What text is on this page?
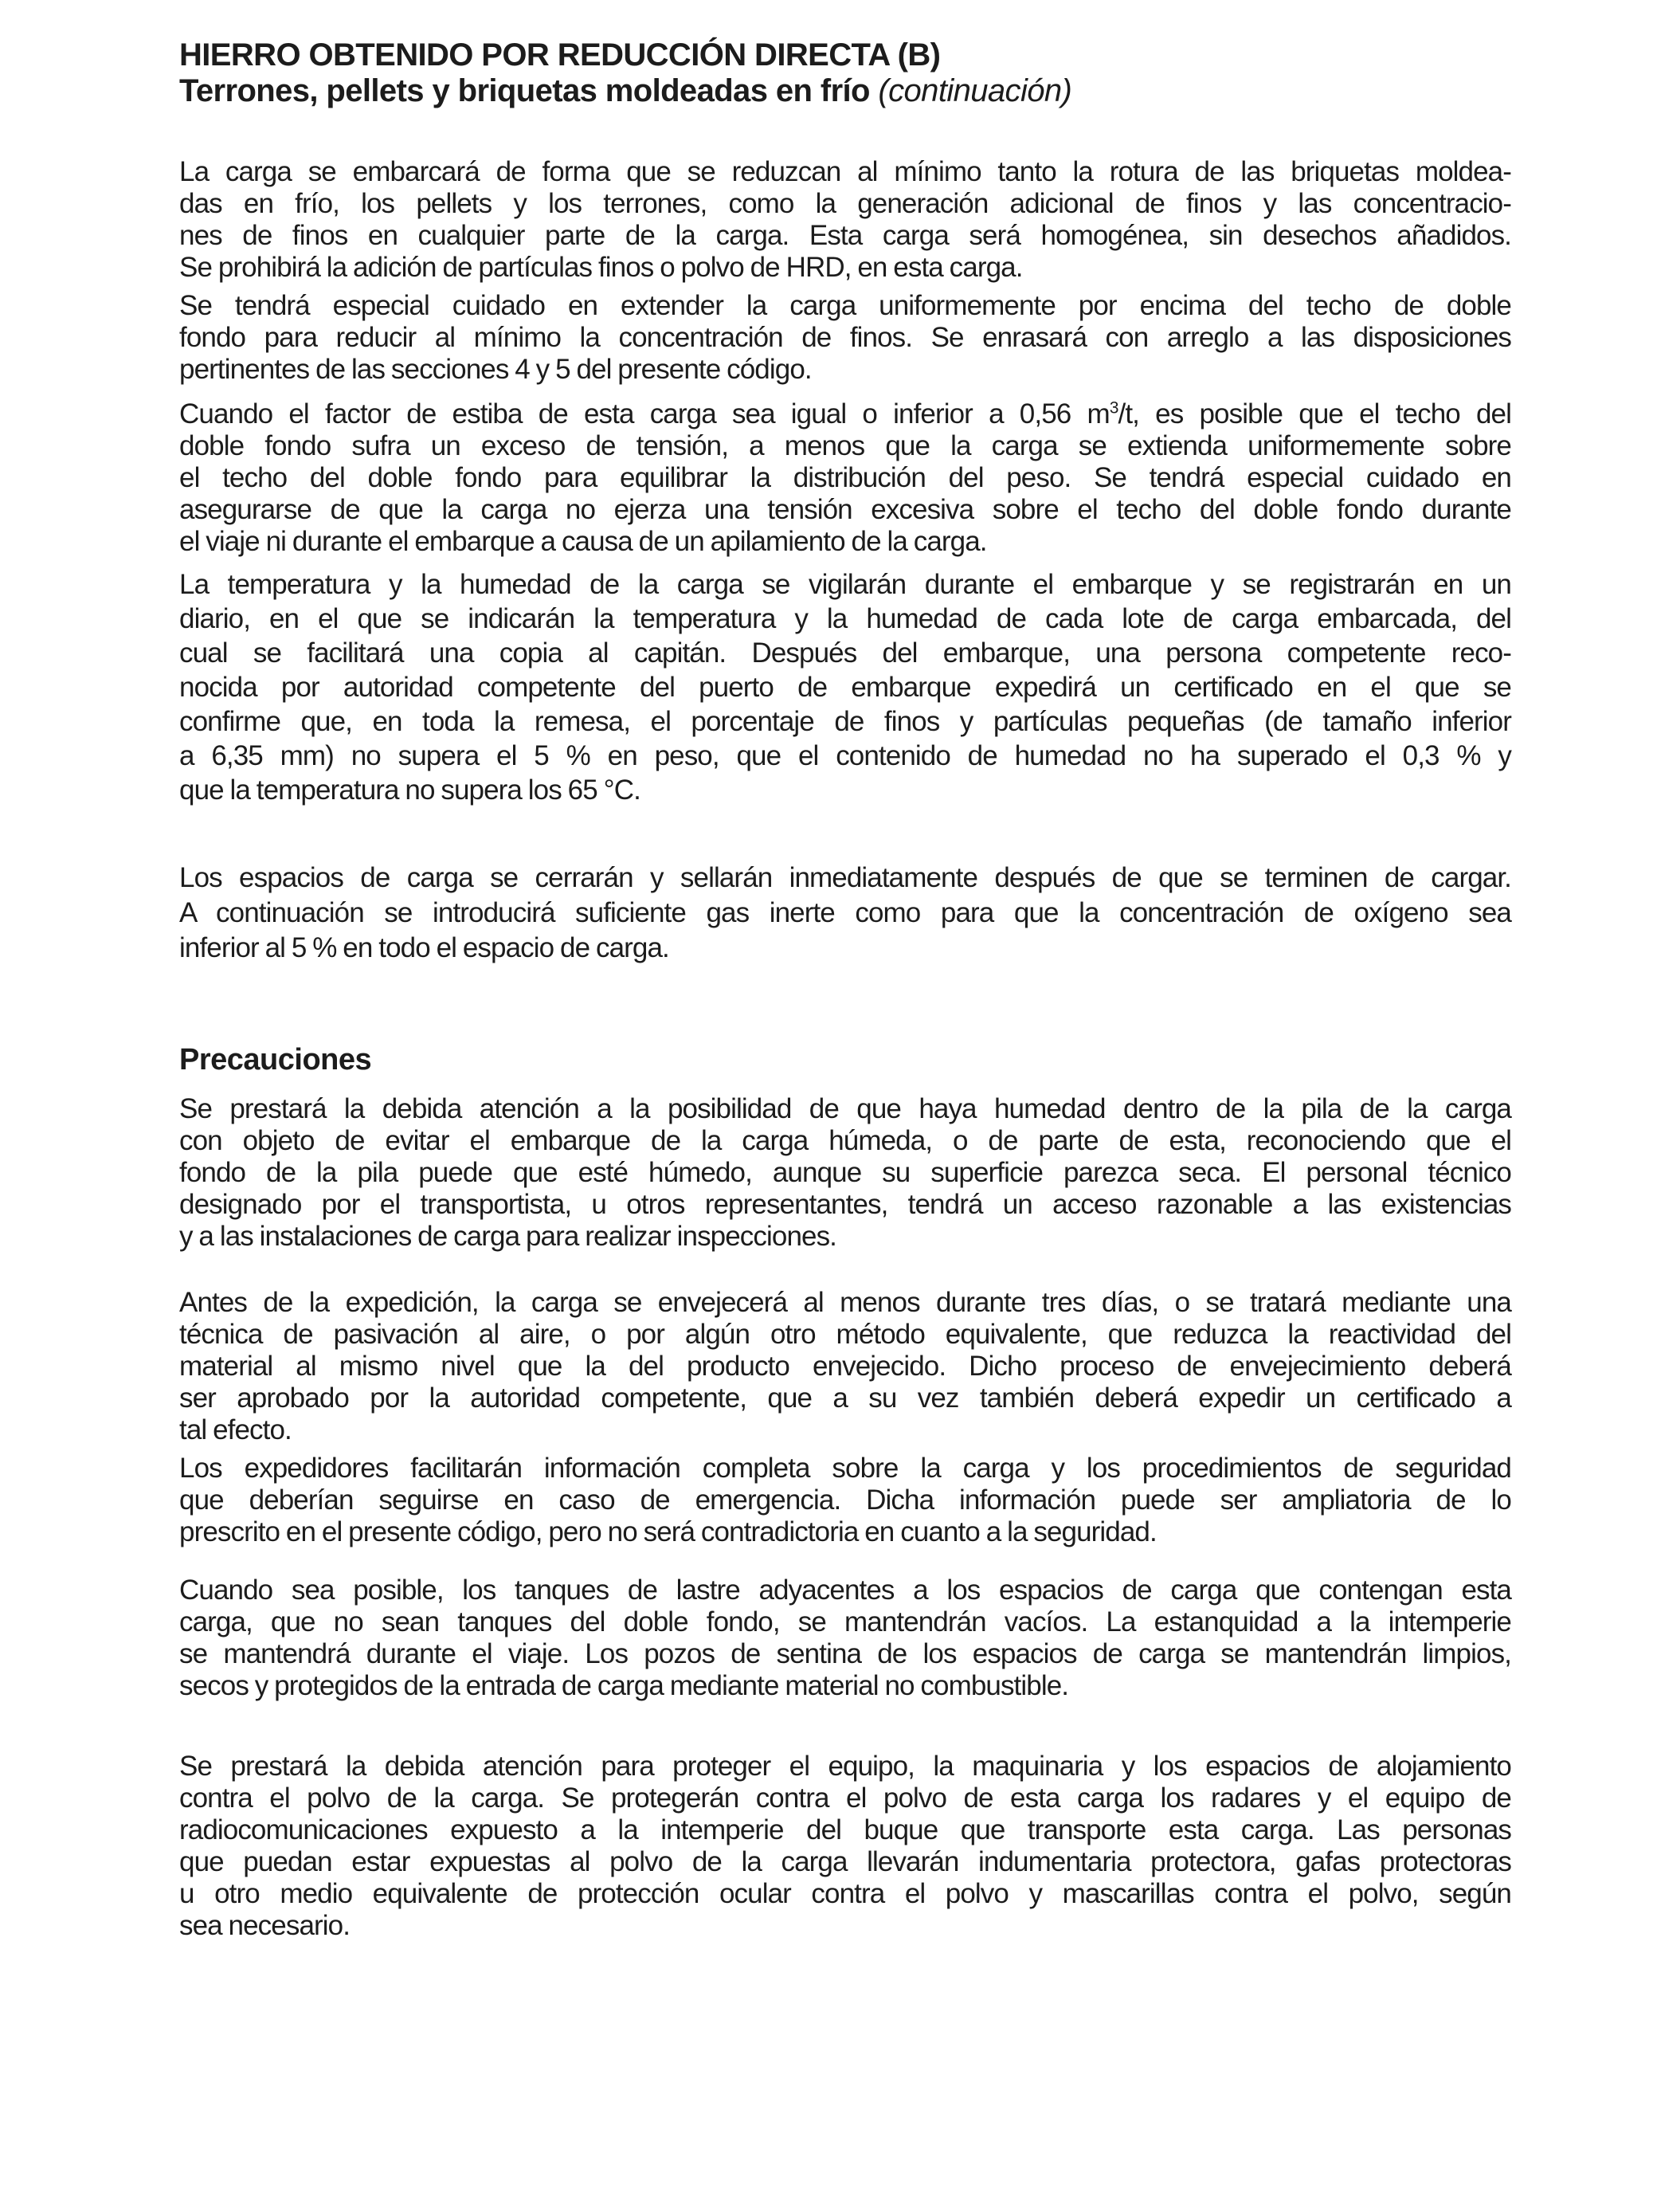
HIERRO OBTENIDO POR REDUCCIÓN DIRECTA (B)
Terrones, pellets y briquetas moldeadas en frío (continuación)

La carga se embarcará de forma que se reduzcan al mínimo tanto la rotura de las briquetas moldea-
das en frío, los pellets y los terrones, como la generación adicional de finos y las concentracio-
nes de finos en cualquier parte de la carga. Esta carga será homogénea, sin desechos añadidos.
Se prohibirá la adición de partículas finos o polvo de HRD, en esta carga.

Se tendrá especial cuidado en extender la carga uniformemente por encima del techo de doble
fondo para reducir al mínimo la concentración de finos. Se enrasará con arreglo a las disposiciones
pertinentes de las secciones 4 y 5 del presente código.

Cuando el factor de estiba de esta carga sea igual o inferior a 0,56 $m^3/t$, es posible que el techo del
doble fondo sufra un exceso de tensión, a menos que la carga se extienda uniformemente sobre
el techo del doble fondo para equilibrar la distribución del peso. Se tendrá especial cuidado en
asegurarse de que la carga no ejerza una tensión excesiva sobre el techo del doble fondo durante
el viaje ni durante el embarque a causa de un apilamiento de la carga.

La temperatura y la humedad de la carga se vigilarán durante el embarque y se registrarán en un
diario, en el que se indicarán la temperatura y la humedad de cada lote de carga embarcada, del
cual se facilitará una copia al capitán. Después del embarque, una persona competente reco-
nocida por autoridad competente del puerto de embarque expedirá un certificado en el que se
confirme que, en toda la remesa, el porcentaje de finos y partículas pequeñas (de tamaño inferior
a 6,35 mm) no supera el 5 % en peso, que el contenido de humedad no ha superado el 0,3 % y
que la temperatura no supera los 65 °C.

Los espacios de carga se cerrarán y sellarán inmediatamente después de que se terminen de cargar.
A continuación se introducirá suficiente gas inerte como para que la concentración de oxígeno sea
inferior al 5 % en todo el espacio de carga.

Precauciones

Se prestará la debida atención a la posibilidad de que haya humedad dentro de la pila de la carga
con objeto de evitar el embarque de la carga húmeda, o de parte de esta, reconociendo que el
fondo de la pila puede que esté húmedo, aunque su superficie parezca seca. El personal técnico
designado por el transportista, u otros representantes, tendrá un acceso razonable a las existencias
y a las instalaciones de carga para realizar inspecciones.

Antes de la expedición, la carga se envejecerá al menos durante tres días, o se tratará mediante una
técnica de pasivación al aire, o por algún otro método equivalente, que reduzca la reactividad del
material al mismo nivel que la del producto envejecido. Dicho proceso de envejecimiento deberá
ser aprobado por la autoridad competente, que a su vez también deberá expedir un certificado a
tal efecto.

Los expedidores facilitarán información completa sobre la carga y los procedimientos de seguridad
que deberían seguirse en caso de emergencia. Dicha información puede ser ampliatoria de lo
prescrito en el presente código, pero no será contradictoria en cuanto a la seguridad.

Cuando sea posible, los tanques de lastre adyacentes a los espacios de carga que contengan esta
carga, que no sean tanques del doble fondo, se mantendrán vacíos. La estanquidad a la intemperie
se mantendrá durante el viaje. Los pozos de sentina de los espacios de carga se mantendrán limpios,
secos y protegidos de la entrada de carga mediante material no combustible.

Se prestará la debida atención para proteger el equipo, la maquinaria y los espacios de alojamiento
contra el polvo de la carga. Se protegerán contra el polvo de esta carga los radares y el equipo de
radiocomunicaciones expuesto a la intemperie del buque que transporte esta carga. Las personas
que puedan estar expuestas al polvo de la carga llevarán indumentaria protectora, gafas protectoras
u otro medio equivalente de protección ocular contra el polvo y mascarillas contra el polvo, según
sea necesario.
